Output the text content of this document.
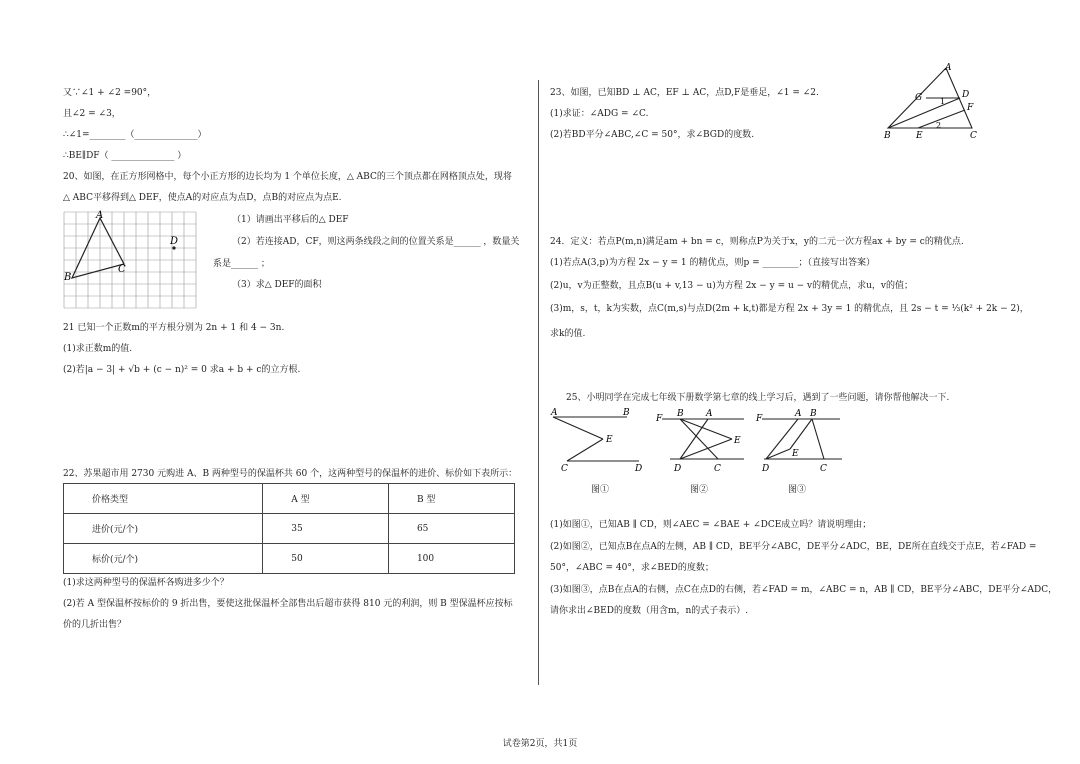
又∵∠1 + ∠2 =90°，
且∠2 = ∠3，
∴∠1=________（______________）
∴BE∥DF（ ______________ ）
20、如图，在正方形网格中，每个小正方形的边长均为 1 个单位长度，△ ABC的三个顶点都在网格顶点处，现将
△ ABC平移得到△ DEF，使点A的对应点为点D，点B的对应点为点E.
A
B
C
D
（1）请画出平移后的△ DEF
（2）若连接AD，CF，则这两条线段之间的位置关系是______ ，数量关
系是______ ；
（3）求△ DEF的面积
21 已知一个正数m的平方根分别为 2n + 1 和 4 − 3n.
(1)求正数m的值.
(2)若|a − 3| + √b + (c − n)² = 0 求a + b + c的立方根.
22、苏果超市用 2730 元购进 A、B 两种型号的保温杯共 60 个，这两种型号的保温杯的进价、标价如下表所示：
价格类型	A 型	B 型
进价(元/个)	35	65
标价(元/个)	50	100
(1)求这两种型号的保温杯各购进多少个？
(2)若 A 型保温杯按标价的 9 折出售，要使这批保温杯全部售出后超市获得 810 元的利润，则 B 型保温杯应按标
价的几折出售？
23、如图，已知BD ⊥ AC，EF ⊥ AC，点D,F是垂足，∠1 = ∠2.
(1)求证：∠ADG = ∠C.
(2)若BD平分∠ABC,∠C = 50°，求∠BGD的度数.
A
G	D
F
B	E	C
1
2
24．定义：若点P(m,n)满足am + bn = c，则称点P为关于x，y的二元一次方程ax + by = c的精优点.
(1)若点A(3,p)为方程 2x − y = 1 的精优点，则p = ________；（直接写出答案）
(2)u，v为正整数，且点B(u + v,13 − u)为方程 2x − y = u − v的精优点，求u，v的值；
(3)m，s，t，k为实数，点C(m,s)与点D(2m + k,t)都是方程 2x + 3y = 1 的精优点，且 2s − t = ⅓(k² + 2k − 2)，
求k的值.
25、小明同学在完成七年级下册数学第七章的线上学习后，遇到了一些问题，请你帮他解决一下.
A	B
E
C	D
图①
F B A
E
D	C
图②
F	A B
E
D	C
图③
(1)如图①，已知AB ∥ CD，则∠AEC = ∠BAE + ∠DCE成立吗？请说明理由；
(2)如图②，已知点B在点A的左侧，AB ∥ CD，BE平分∠ABC，DE平分∠ADC，BE，DE所在直线交于点E，若∠FAD =
50°，∠ABC = 40°，求∠BED的度数；
(3)如图③，点B在点A的右侧，点C在点D的右侧，若∠FAD = m，∠ABC = n，AB ∥ CD，BE平分∠ABC，DE平分∠ADC，
请你求出∠BED的度数（用含m，n的式子表示）.
试卷第2页，共1页
